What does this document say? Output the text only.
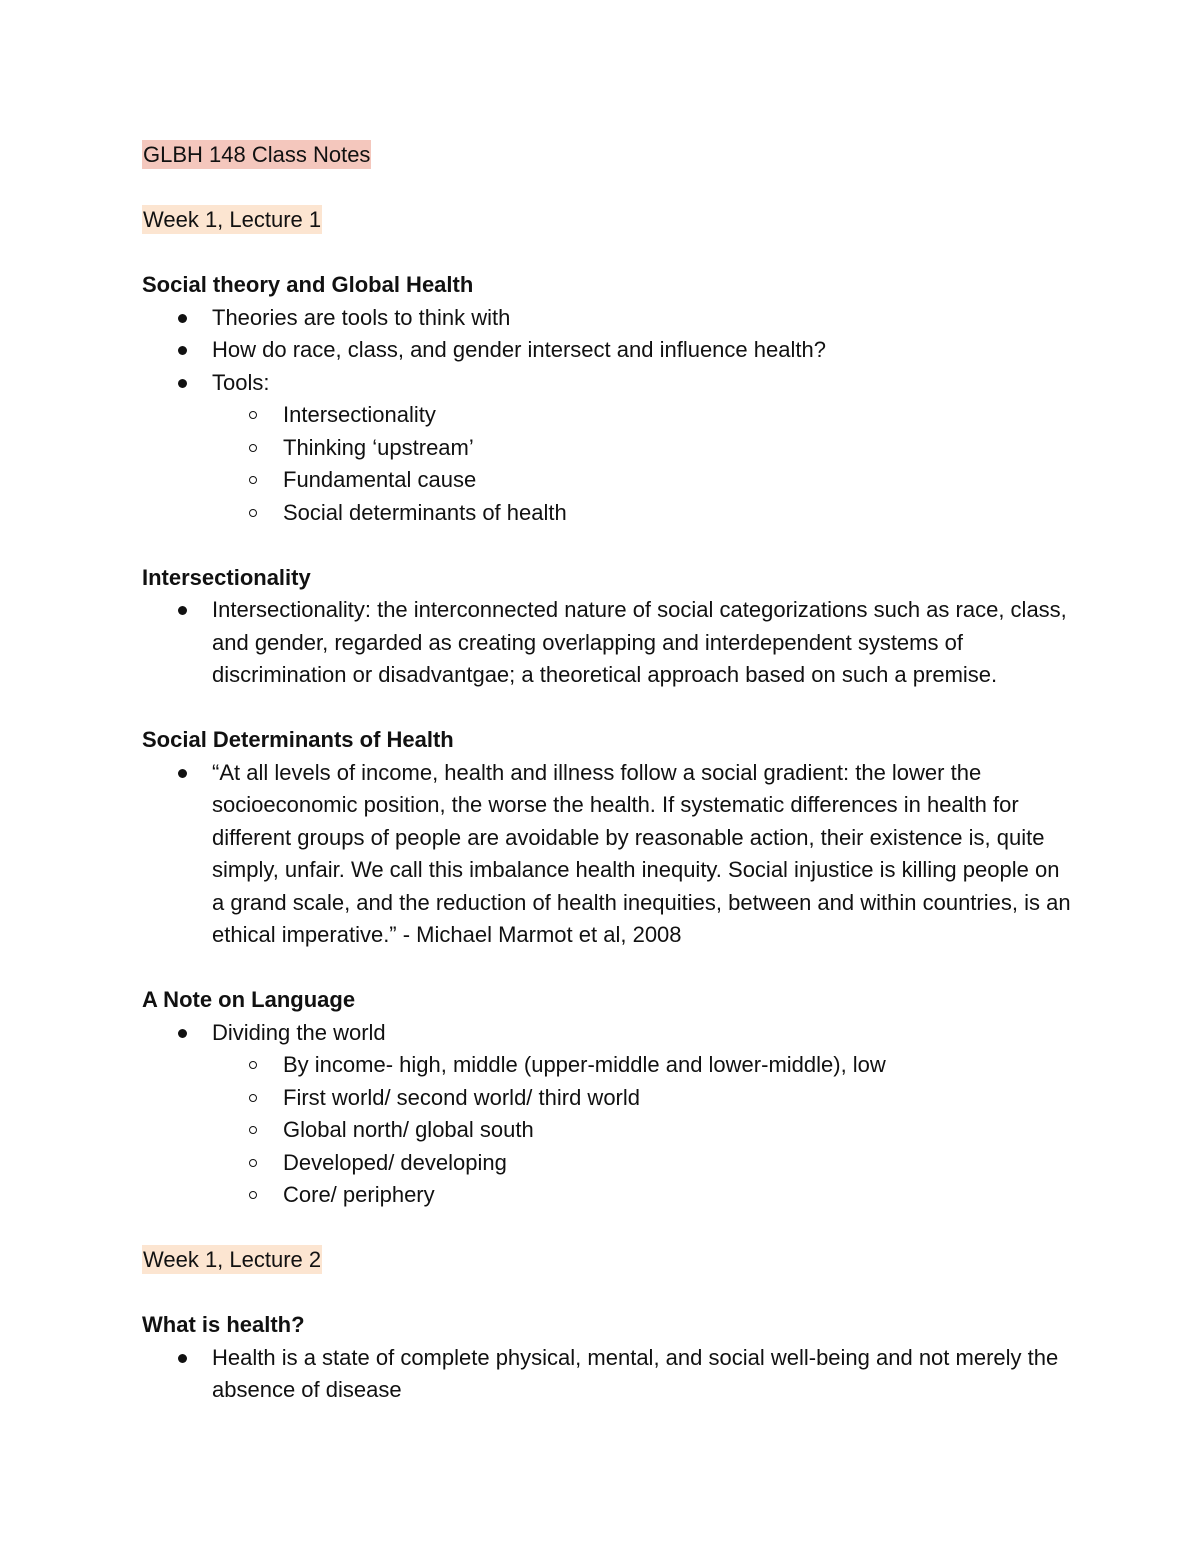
GLBH 148 Class Notes

Week 1, Lecture 1

Social theory and Global Health

Theories are tools to think with
How do race, class, and gender intersect and influence health?
Tools:
Intersectionality
Thinking ‘upstream’
Fundamental cause
Social determinants of health

Intersectionality

Intersectionality: the interconnected nature of social categorizations such as race, class, and gender, regarded as creating overlapping and interdependent systems of discrimination or disadvantgae; a theoretical approach based on such a premise.

Social Determinants of Health

“At all levels of income, health and illness follow a social gradient: the lower the socioeconomic position, the worse the health. If systematic differences in health for different groups of people are avoidable by reasonable action, their existence is, quite simply, unfair. We call this imbalance health inequity. Social injustice is killing people on a grand scale, and the reduction of health inequities, between and within countries, is an ethical imperative.” - Michael Marmot et al, 2008

A Note on Language

Dividing the world
By income- high, middle (upper-middle and lower-middle), low
First world/ second world/ third world
Global north/ global south
Developed/ developing
Core/ periphery

Week 1, Lecture 2

What is health?

Health is a state of complete physical, mental, and social well-being and not merely the absence of disease
